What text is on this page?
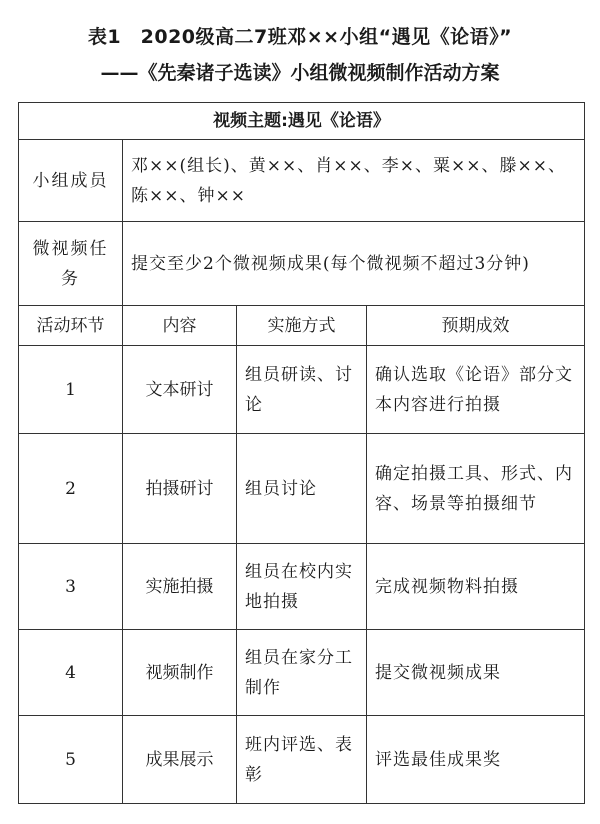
表1　2020级高二7班邓××小组“遇见《论语》”
——《先秦诸子选读》小组微视频制作活动方案
视频主题:遇见《论语》			
小组成员	邓××(组长)、黄××、肖××、李×、粟××、滕××、陈××、钟××		
微视频任务	提交至少2个微视频成果(每个微视频不超过3分钟)		
活动环节	内容	实施方式	预期成效
1	文本研讨	组员研读、讨论	确认选取《论语》部分文本内容进行拍摄
2	拍摄研讨	组员讨论	确定拍摄工具、形式、内容、场景等拍摄细节
3	实施拍摄	组员在校内实地拍摄	完成视频物料拍摄
4	视频制作	组员在家分工制作	提交微视频成果
5	成果展示	班内评选、表彰	评选最佳成果奖
